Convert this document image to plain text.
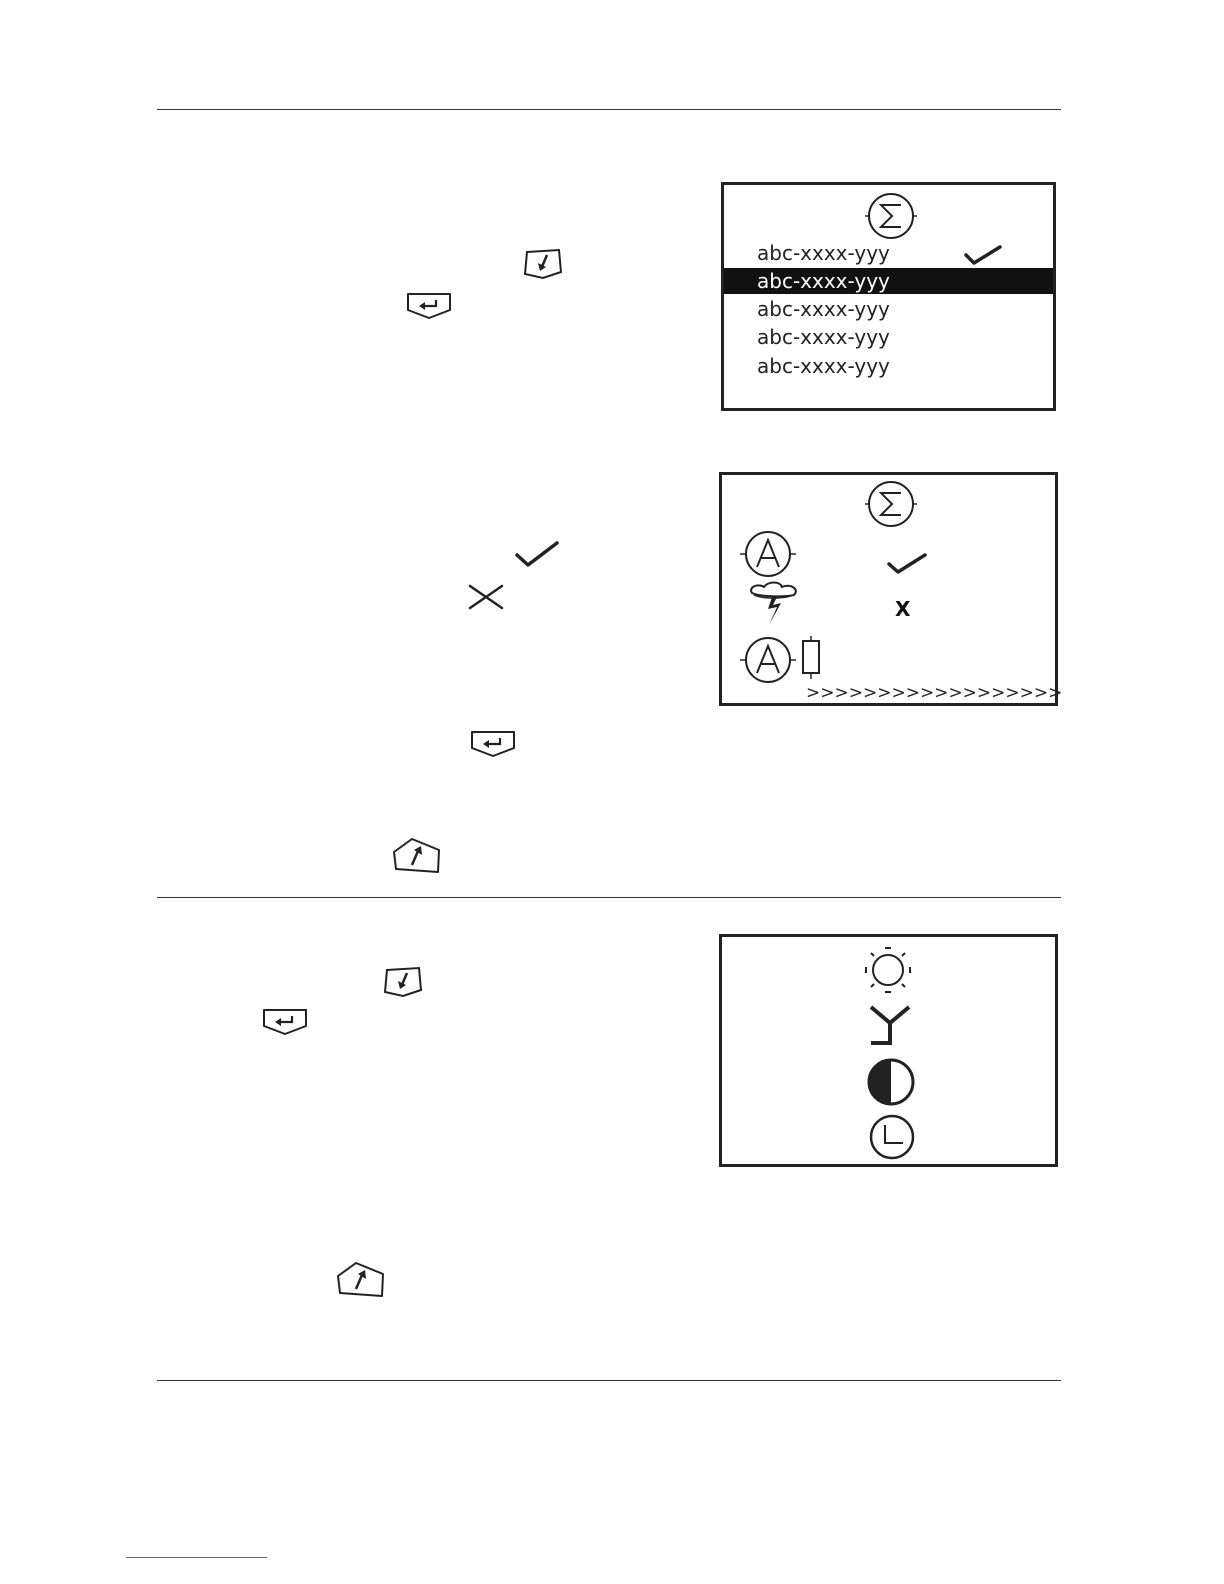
abc-xxxx-yyy
abc-xxxx-yyy
abc-xxxx-yyy
abc-xxxx-yyy
abc-xxxx-yyy
X
>>>>>>>>>>>>>>>>>>
